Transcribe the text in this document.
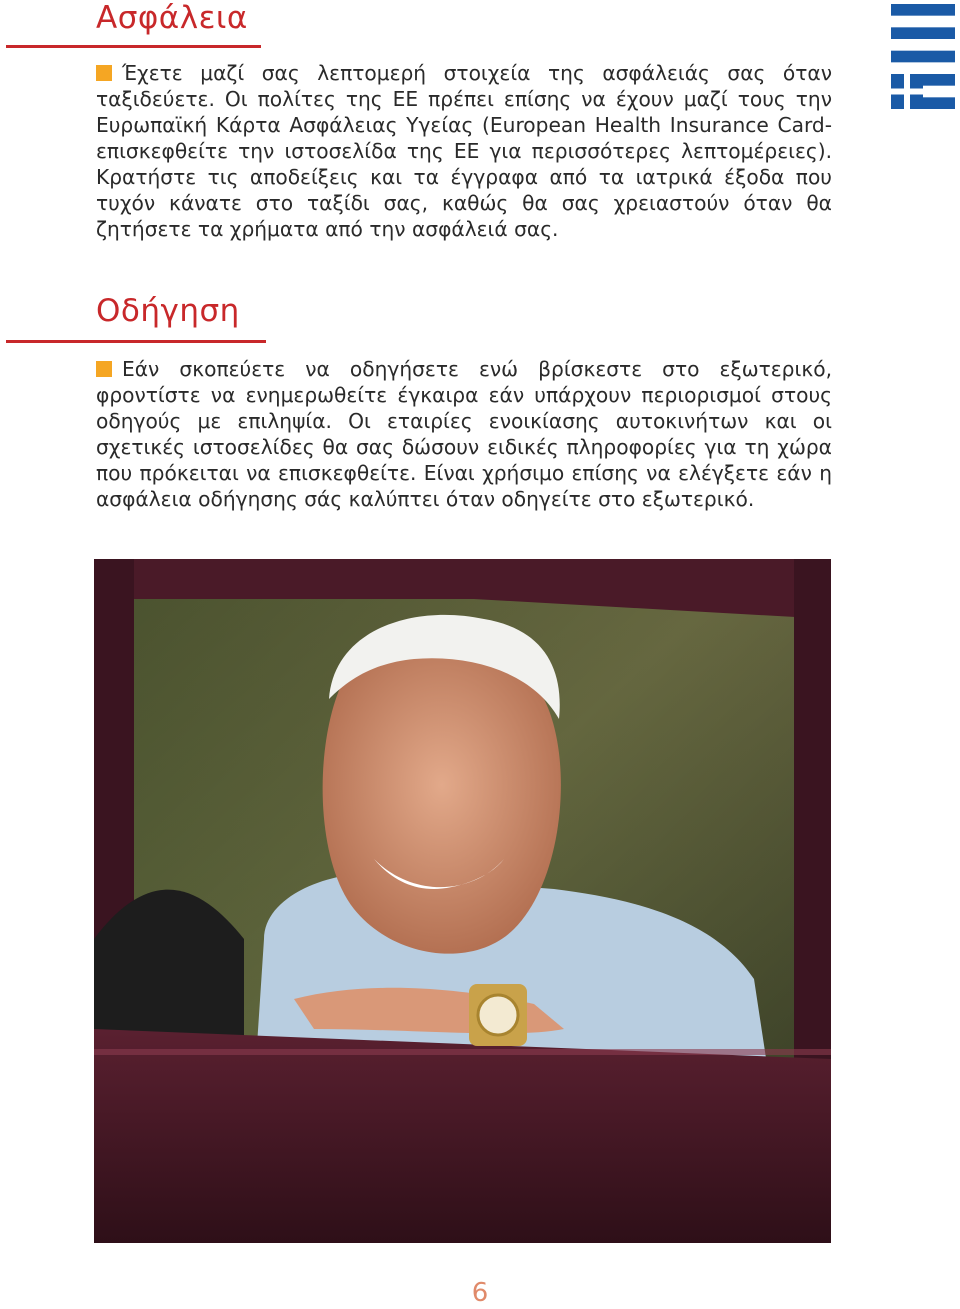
Ασφάλεια

Έχετε μαζί σας λεπτομερή στοιχεία της ασφάλειάς σας όταν ταξιδεύετε. Οι πολίτες της ΕΕ πρέπει επίσης να έχουν μαζί τους την Ευρωπαϊκή Κάρτα Ασφάλειας Υγείας (European Health Insurance Card- επισκεφθείτε την ιστοσελίδα της ΕΕ για περισσότερες λεπτομέρειες). Κρατήστε τις αποδείξεις και τα έγγραφα από τα ιατρικά έξοδα που τυχόν κάνατε στο ταξίδι σας, καθώς θα σας χρειαστούν όταν θα ζητήσετε τα χρήματα από την ασφάλειά σας.

Οδήγηση

Εάν σκοπεύετε να οδηγήσετε ενώ βρίσκεστε στο εξωτερικό, φροντίστε να ενημερωθείτε έγκαιρα εάν υπάρχουν περιορισμοί στους οδηγούς με επιληψία. Οι εταιρίες ενοικίασης αυτοκινήτων και οι σχετικές ιστοσελίδες θα σας δώσουν ειδικές πληροφορίες για τη χώρα που πρόκειται να επισκεφθείτε. Είναι χρήσιμο επίσης να ελέγξετε εάν η ασφάλεια οδήγησης σάς καλύπτει όταν οδηγείτε στο εξωτερικό.

6
